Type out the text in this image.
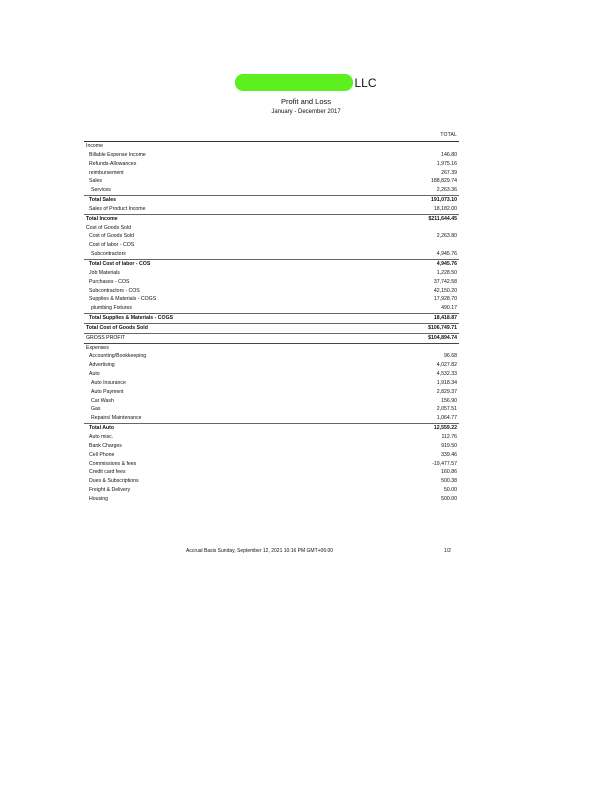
LLC
Profit and Loss
January - December 2017
TOTAL
Income
Billable Expense Income	146.80
Refunds-Allowances	1,975.16
reimbursement	267.39
Sales	188,829.74
Services	2,263.36
Total Sales	191,073.10
Sales of Product Income	18,182.00
Total Income	$211,644.45
Cost of Goods Sold
Cost of Goods Sold	2,263.80
Cost of labor - COS
Subcontractors	4,945.76
Total Cost of labor - COS	4,945.76
Job Materials	1,228.50
Purchases - COS	37,742.58
Subcontractors - COS	42,150.20
Supplies & Materials - COGS	17,928.70
plumbing Fixtures	490.17
Total Supplies & Materials - COGS	18,418.87
Total Cost of Goods Sold	$106,749.71
GROSS PROFIT	$104,894.74
Expenses
Accounting/Bookkeeping	96.68
Advertising	4,027.82
Auto	4,532.33
Auto Insurance	1,918.34
Auto Payment	2,829.37
Car Wash	156.90
Gas	2,057.51
Repairs/ Maintenance	1,064.77
Total Auto	12,559.22
Auto misc.	112.76
Bank Charges	919.50
Cell Phone	339.46
Commissions & fees	-19,477.57
Credit card fees	160.86
Dues & Subscriptions	500.38
Freight & Delivery	50.00
Housing	500.00
Accrual Basis Sunday, September 12, 2021 10:16 PM GMT+06:00	1/2
